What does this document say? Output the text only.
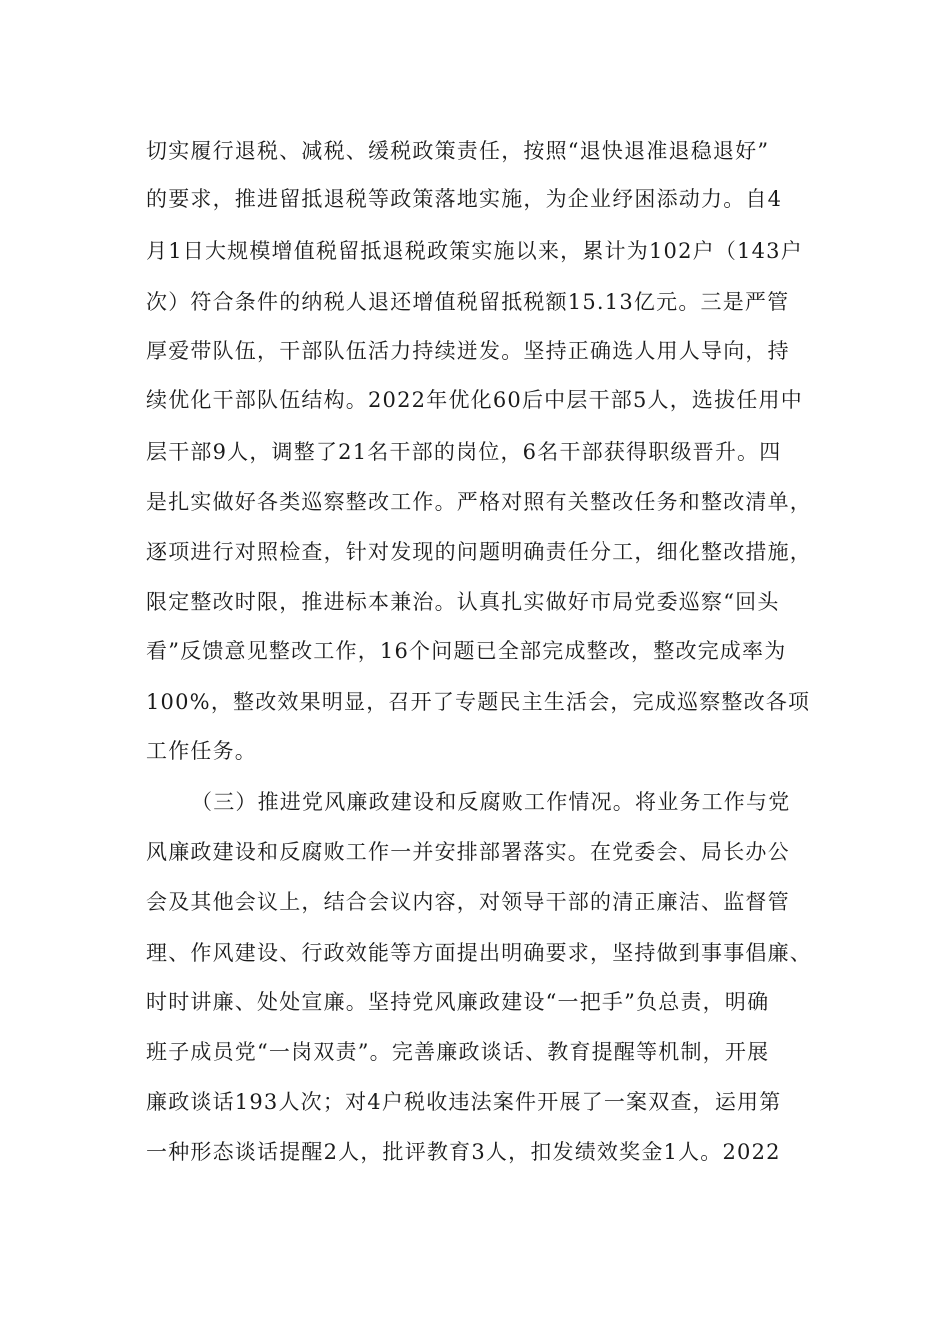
切实履行退税、减税、缓税政策责任，按照“退快退准退稳退好”
的要求，推进留抵退税等政策落地实施，为企业纾困添动力。自4
月1日大规模增值税留抵退税政策实施以来，累计为102户（143户
次）符合条件的纳税人退还增值税留抵税额15.13亿元。三是严管
厚爱带队伍，干部队伍活力持续迸发。坚持正确选人用人导向，持
续优化干部队伍结构。2022年优化60后中层干部5人，选拔任用中
层干部9人，调整了21名干部的岗位，6名干部获得职级晋升。四
是扎实做好各类巡察整改工作。严格对照有关整改任务和整改清单，
逐项进行对照检查，针对发现的问题明确责任分工，细化整改措施，
限定整改时限，推进标本兼治。认真扎实做好市局党委巡察“回头
看”反馈意见整改工作，16个问题已全部完成整改，整改完成率为
100%，整改效果明显，召开了专题民主生活会，完成巡察整改各项
工作任务。
（三）推进党风廉政建设和反腐败工作情况。将业务工作与党
风廉政建设和反腐败工作一并安排部署落实。在党委会、局长办公
会及其他会议上，结合会议内容，对领导干部的清正廉洁、监督管
理、作风建设、行政效能等方面提出明确要求，坚持做到事事倡廉、
时时讲廉、处处宣廉。坚持党风廉政建设“一把手”负总责，明确
班子成员党“一岗双责”。完善廉政谈话、教育提醒等机制，开展
廉政谈话193人次；对4户税收违法案件开展了一案双查，运用第
一种形态谈话提醒2人，批评教育3人，扣发绩效奖金1人。2022
